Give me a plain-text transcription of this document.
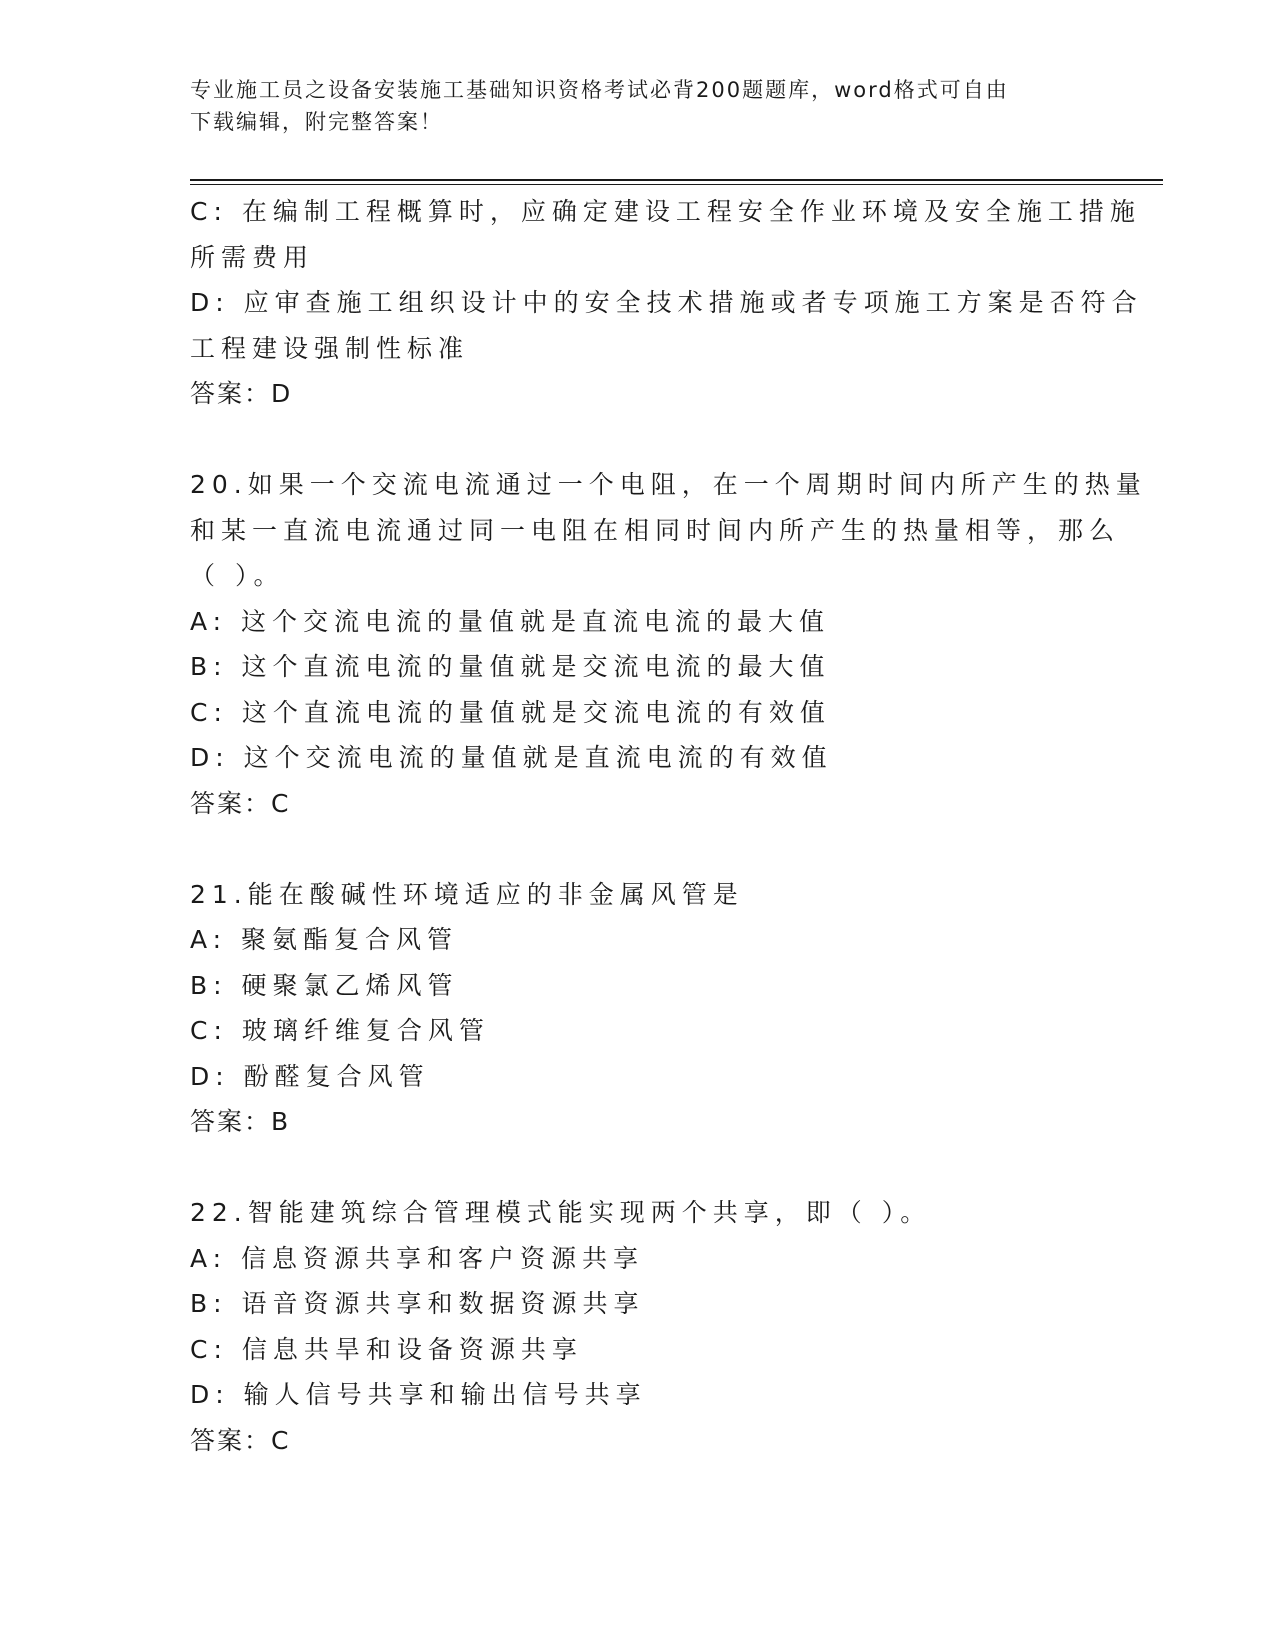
专业施工员之设备安装施工基础知识资格考试必背200题题库，word格式可自由
下载编辑，附完整答案！
C: 在编制工程概算时，应确定建设工程安全作业环境及安全施工措施
所需费用
D: 应审查施工组织设计中的安全技术措施或者专项施工方案是否符合
工程建设强制性标准
答案：D
20.如果一个交流电流通过一个电阻，在一个周期时间内所产生的热量
和某一直流电流通过同一电阻在相同时间内所产生的热量相等，那么
（ ）。
A: 这个交流电流的量值就是直流电流的最大值
B: 这个直流电流的量值就是交流电流的最大值
C: 这个直流电流的量值就是交流电流的有效值
D: 这个交流电流的量值就是直流电流的有效值
答案：C
21.能在酸碱性环境适应的非金属风管是
A: 聚氨酯复合风管
B: 硬聚氯乙烯风管
C: 玻璃纤维复合风管
D: 酚醛复合风管
答案：B
22.智能建筑综合管理模式能实现两个共享，即（ ）。
A: 信息资源共享和客户资源共享
B: 语音资源共享和数据资源共享
C: 信息共旱和设备资源共享
D: 输人信号共享和输出信号共享
答案：C
